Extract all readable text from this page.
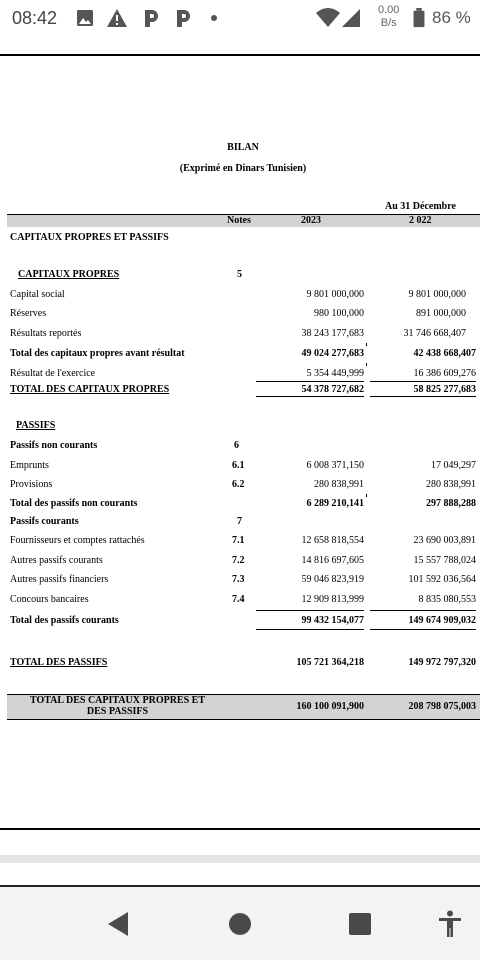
08:42	0.00
B/s 86 %
BILAN
(Exprimé en Dinars Tunisien)
Au 31 Décembre
Notes	2023	2 022
CAPITAUX PROPRES ET PASSIFS
CAPITAUX PROPRES	5
Capital social	9 801 000,000	9 801 000,000
Réserves	980 100,000	891 000,000
Résultats reportés	38 243 177,683	31 746 668,407
Total des capitaux propres avant résultat	49 024 277,683	42 438 668,407
Résultat de l'exercice	5 354 449,999	16 386 609,276
TOTAL DES CAPITAUX PROPRES	54 378 727,682	58 825 277,683
PASSIFS
Passifs non courants	6
Emprunts	6.1	6 008 371,150	17 049,297
Provisions	6.2	280 838,991	280 838,991
Total des passifs non courants	6 289 210,141	297 888,288
Passifs courants	7
Fournisseurs et comptes rattachés	7.1	12 658 818,554	23 690 003,891
Autres passifs courants	7.2	14 816 697,605	15 557 788,024
Autres passifs financiers	7.3	59 046 823,919	101 592 036,564
Concours bancaires	7.4	12 909 813,999	8 835 080,553
Total des passifs courants	99 432 154,077	149 674 909,032
TOTAL DES PASSIFS	105 721 364,218	149 972 797,320
TOTAL DES CAPITAUX PROPRES ET
DES PASSIFS	160 100 091,900	208 798 075,003
